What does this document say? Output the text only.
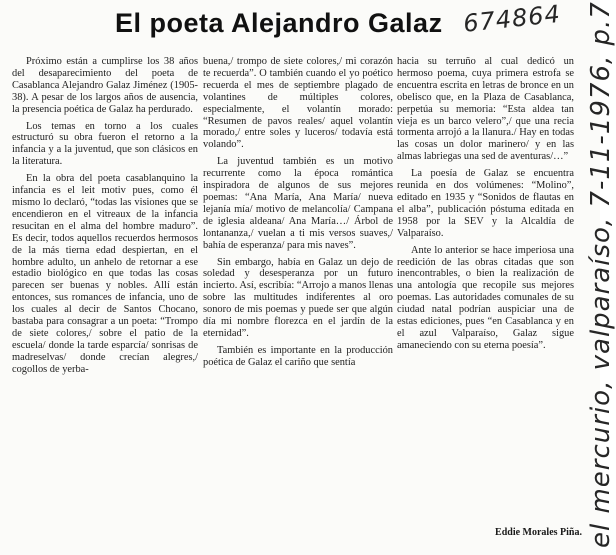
El poeta Alejandro Galaz

Próximo están a cumplirse los 38 años del desaparecimiento del poeta de Casablanca Alejandro Galaz Jiménez (1905-38). A pesar de los largos años de ausencia, la presencia poética de Galaz ha perdurado.

Los temas en torno a los cuales estructuró su obra fueron el retorno a la infancia y a la juventud, que son clásicos en la literatura.

En la obra del poeta casablanquino la infancia es el leit motiv pues, como él mismo lo declaró, “todas las visiones que se encendieron en el vitreaux de la infancia resucitan en el alma del hombre maduro”. Es decir, todos aquellos recuerdos hermosos de la más tierna edad despiertan, en el hombre adulto, un anhelo de retornar a ese estadio biológico en que todas las cosas parecen ser buenas y nobles. Allí están entonces, sus romances de infancia, uno de los cuales al decir de Santos Chocano, bastaba para consagrar a un poeta: “Trompo de siete colores,/ sobre el patio de la escuela/ donde la tarde esparcía/ sonrisas de madreselvas/ donde crecían alegres,/ cogollos de yerba-

buena,/ trompo de siete colores,/ mi corazón te recuerda”. O también cuando el yo poético recuerda el mes de septiembre plagado de volantines de múltiples colores, especialmente, el volantín morado: “Resumen de pavos reales/ aquel volantín morado,/ entre soles y luceros/ todavía está volando”.

La juventud también es un motivo recurrente como la época romántica inspiradora de algunos de sus mejores poemas: “Ana María, Ana María/ nueva lejanía mía/ motivo de melancolía/ Campana de iglesia aldeana/ Ana María…/ Árbol de lontananza,/ vuelan a ti mis versos suaves,/ bahía de esperanza/ para mis naves”.

Sin embargo, había en Galaz un dejo de soledad y desesperanza por un futuro incierto. Así, escribía: “Arrojo a manos llenas sobre las multitudes indiferentes al oro sonoro de mis poemas y puede ser que algún día mi nombre florezca en el jardín de la eternidad”.

También es importante en la producción poética de Galaz el cariño que sentía

hacia su terruño al cual dedicó un hermoso poema, cuya primera estrofa se encuentra escrita en letras de bronce en un obelisco que, en la Plaza de Casablanca, perpetúa su memoria: “Esta aldea tan vieja es un barco velero”,/ que una recia tormenta arrojó a la llanura./ Hay en todas las cosas un dolor marinero/ y en las almas labriegas una sed de aventuras/…”

La poesía de Galaz se encuentra reunida en dos volúmenes: “Molino”, editado en 1935 y “Sonidos de flautas en el alba”, publicación póstuma editada en 1958 por la SEV y la Alcaldía de Valparaíso.

Ante lo anterior se hace imperiosa una reedición de las obras citadas que son inencontrables, o bien la realización de una antología que recopile sus mejores poemas. Las autoridades comunales de su ciudad natal podrían auspiciar una de estas ediciones, pues “en Casablanca y en el azul Valparaíso, Galaz sigue amaneciendo con su eterna poesía”.

Eddie Morales Piña.
674864 el mercurio, valparaíso, 7-11-1976, p.7
